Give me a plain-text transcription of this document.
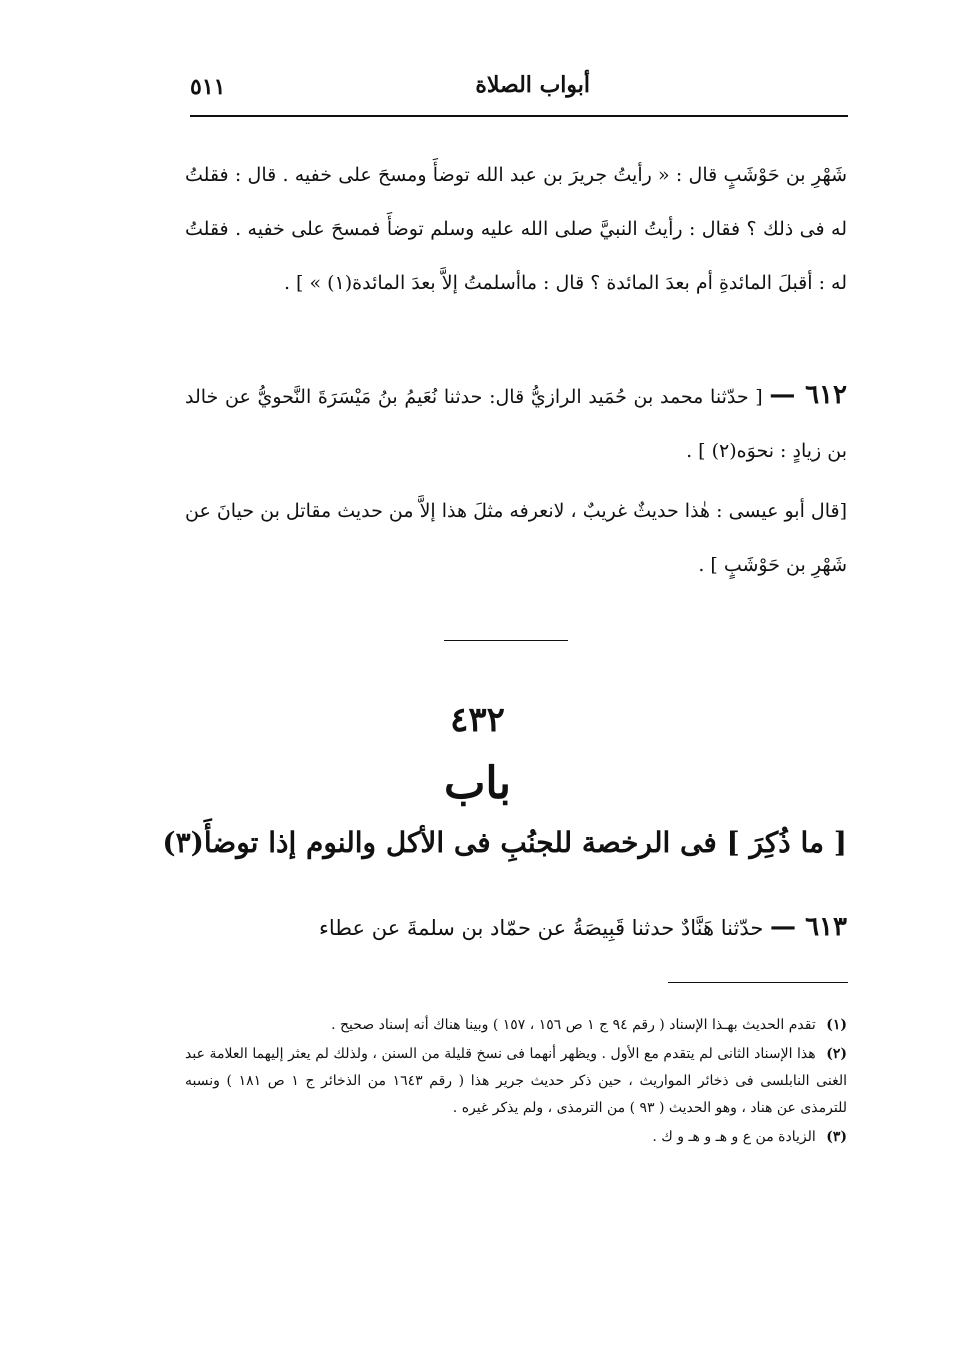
أبواب الصلاة
٥١١
شَهْرِ بن حَوْشَبٍ قال : « رأيتُ جريرَ بن عبد الله توضأَ ومسحَ على خفيه . قال : فقلتُ له فى ذلك ؟ فقال : رأيتُ النبيَّ صلى الله عليه وسلم توضأَ فمسحَ على خفيه . فقلتُ له : أقبلَ المائدةِ أم بعدَ المائدة ؟ قال : ماأسلمتُ إلاَّ بعدَ المائدة(١) » ] .
٦١٢ — [ حدّثنا محمد بن حُمَيد الرازيُّ قال: حدثنا نُعَيمُ بنُ مَيْسَرَةَ النَّحويُّ عن خالد بن زيادٍ : نحوَه(٢) ] .
[قال أبو عيسى : هٰذا حديثٌ غريبٌ ، لانعرفه مثلَ هذا إلاَّ من حديث مقاتل بن حيانَ عن شَهْرِ بن حَوْشَبٍ ] .
٤٣٢
باب
[ ما ذُكِرَ ] فى الرخصة للجنُبِ فى الأكل والنوم إذا توضأَ(٣)
٦١٣ — حدّثنا هَنَّادٌ حدثنا قَبِيصَةُ عن حمّاد بن سلمةَ عن عطاء
(١) تقدم الحديث بهـذا الإسناد ( رقم ٩٤ ج ١ ص ١٥٦ ، ١٥٧ ) وبينا هناك أنه إسناد صحيح .
(٢) هذا الإسناد الثانى لم يتقدم مع الأول . ويظهر أنهما فى نسخ قليلة من السنن ، ولذلك لم يعثر إليهما العلامة عبد الغنى النابلسى فى ذخائر المواريث ، حين ذكر حديث جرير هذا ( رقم ١٦٤٣ من الذخائر ج ١ ص ١٨١ ) ونسبه للترمذى عن هناد ، وهو الحديث ( ٩٣ ) من الترمذى ، ولم يذكر غيره .
(٣) الزيادة من ع و هـ و هـ و ك .
